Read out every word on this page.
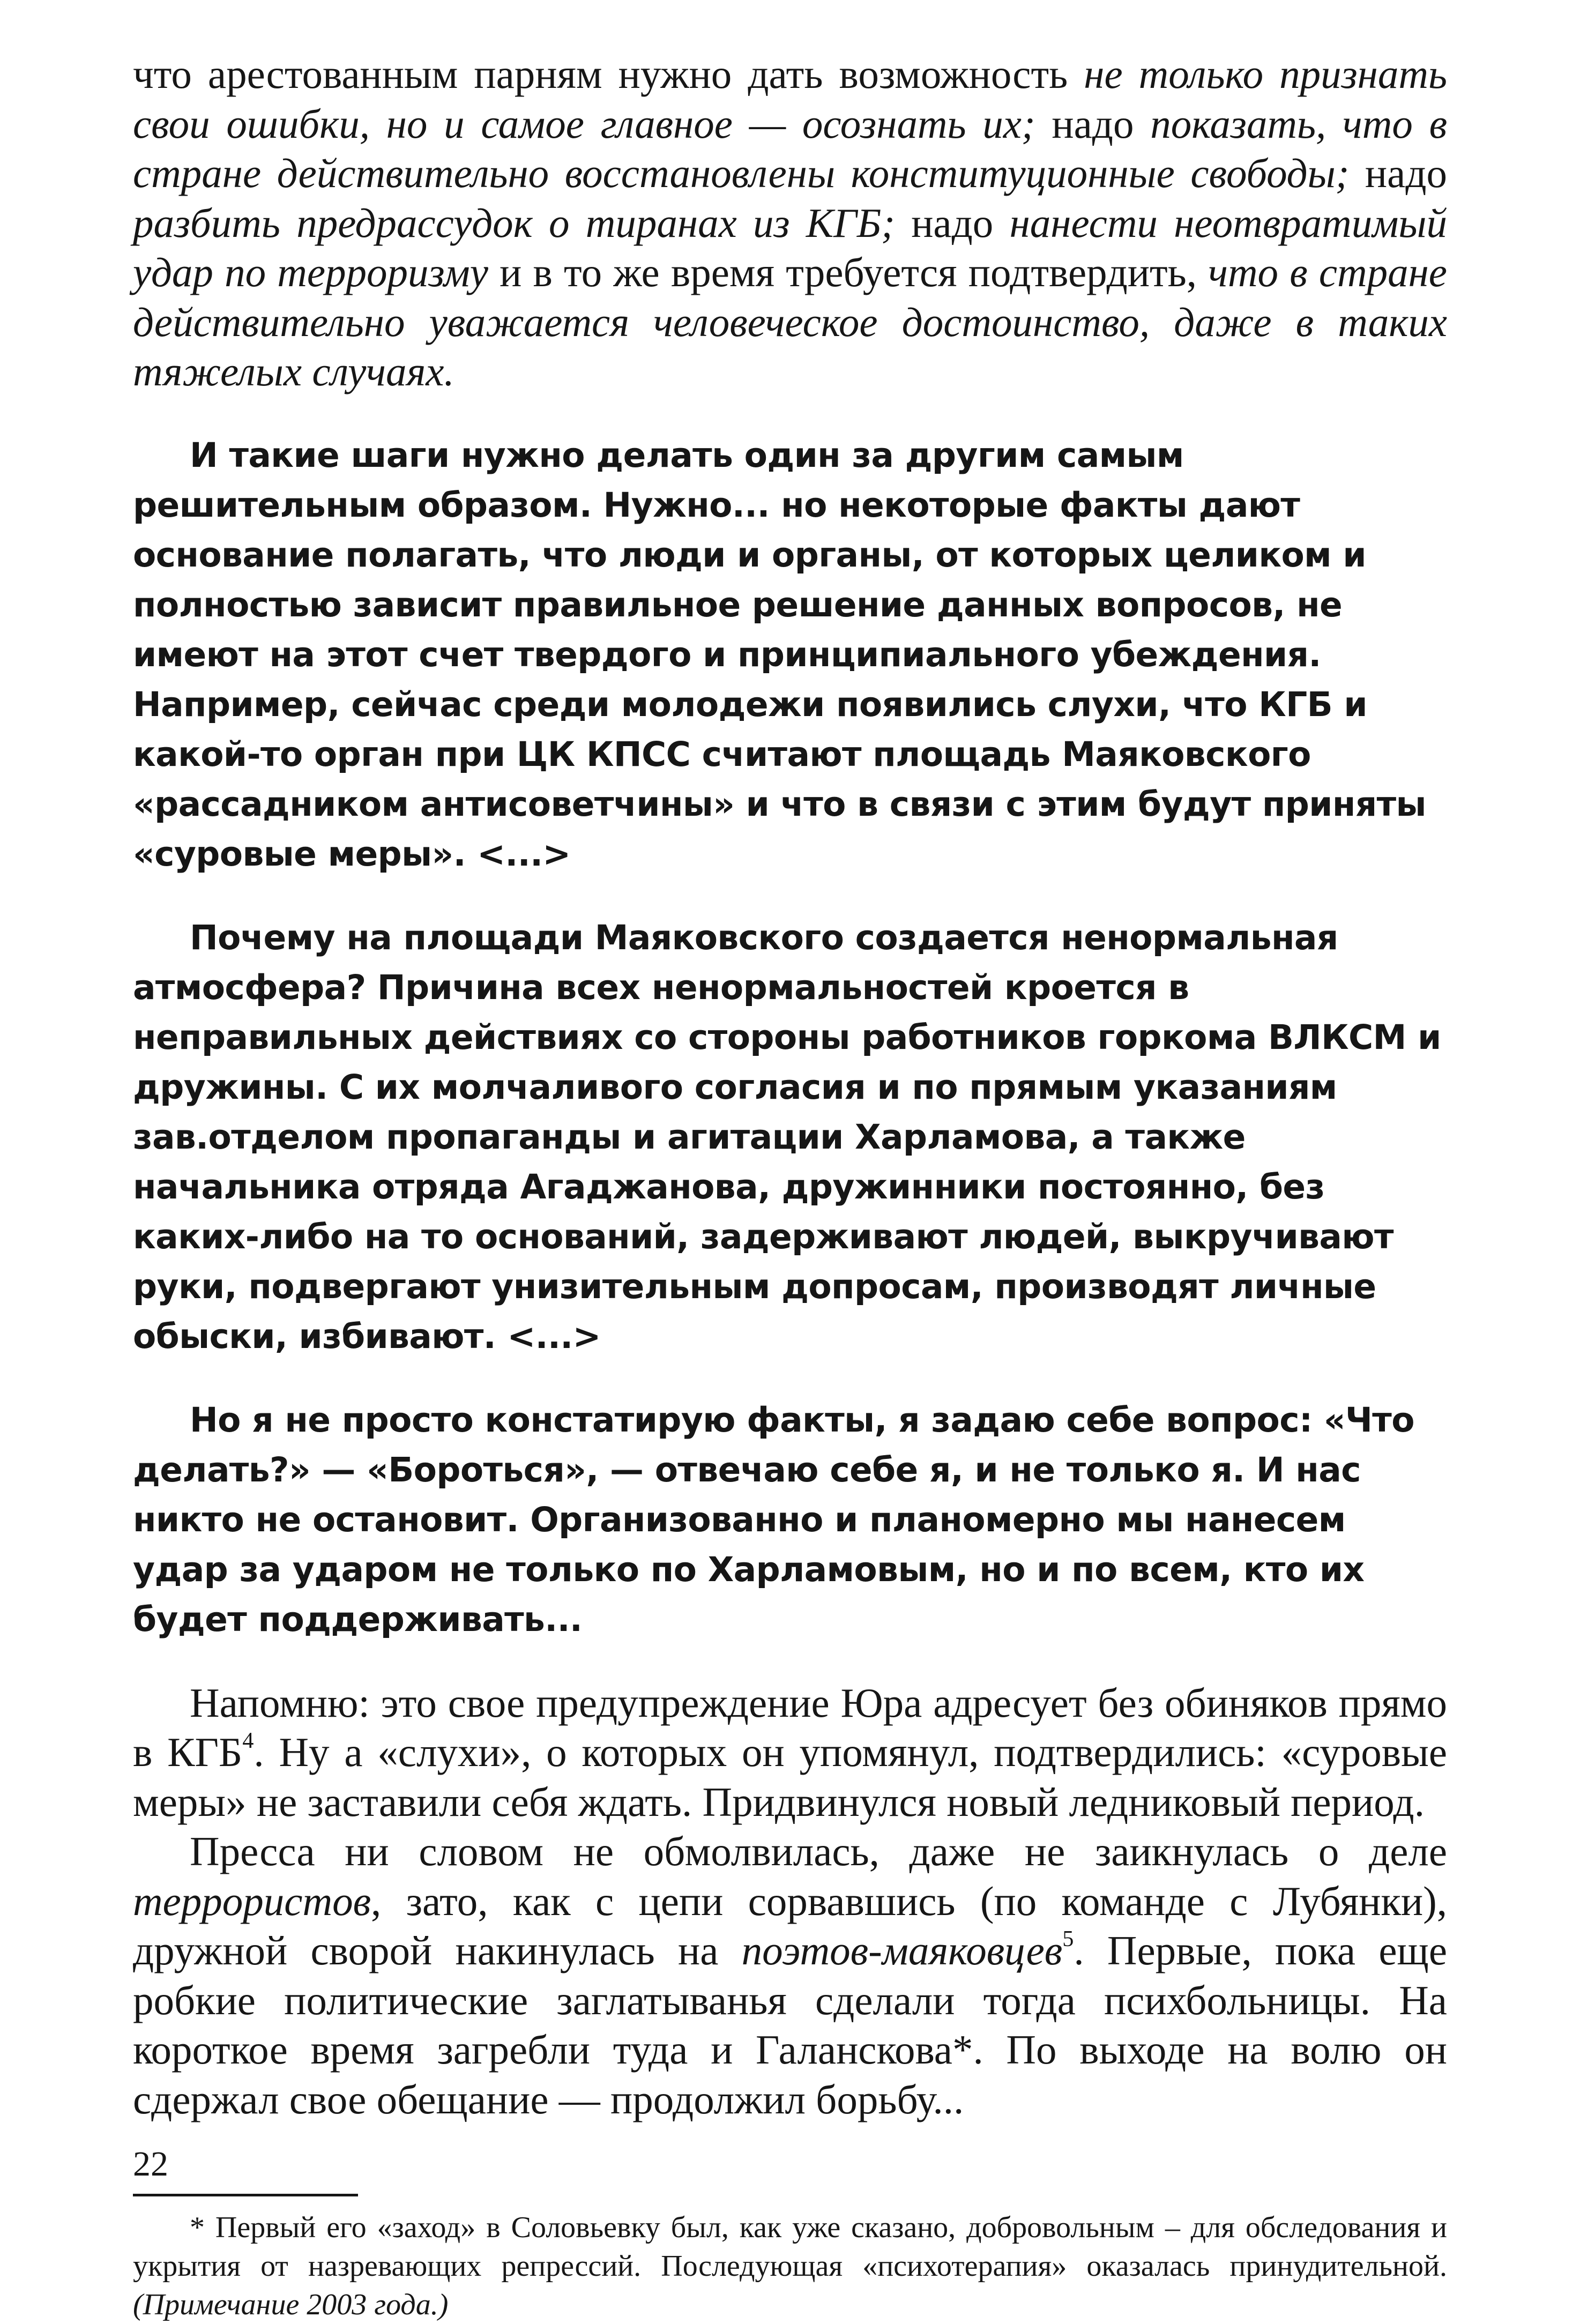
что арестованным парням нужно дать возможность не только признать свои ошибки, но и самое главное — осознать их; надо показать, что в стране действительно восстановлены конституционные свободы; надо разбить предрассудок о тиранах из КГБ; надо нанести неотвратимый удар по терроризму и в то же время требуется подтвердить, что в стране действительно уважается человеческое достоинство, даже в таких тяжелых случаях.

И такие шаги нужно делать один за другим самым решительным образом. Нужно... но некоторые факты дают основание полагать, что люди и органы, от которых целиком и полностью зависит правильное решение данных вопросов, не имеют на этот счет твердого и принципиального убеждения. Например, сейчас среди молодежи появились слухи, что КГБ и какой-то орган при ЦК КПСС считают площадь Маяковского «рассадником антисоветчины» и что в связи с этим будут приняты «суровые меры». <...>

Почему на площади Маяковского создается ненормальная атмосфера? Причина всех ненормальностей кроется в неправильных действиях со стороны работников горкома ВЛКСМ и дружины. С их молчаливого согласия и по прямым указаниям зав.отделом пропаганды и агитации Харламова, а также начальника отряда Агаджанова, дружинники постоянно, без каких-либо на то оснований, задерживают людей, выкручивают руки, подвергают унизительным допросам, производят личные обыски, избивают. <...>

Но я не просто констатирую факты, я задаю себе вопрос: «Что делать?» — «Бороться», — отвечаю себе я, и не только я. И нас никто не остановит. Организованно и планомерно мы нанесем удар за ударом не только по Харламовым, но и по всем, кто их будет поддерживать...

Напомню: это свое предупреждение Юра адресует без обиняков прямо в КГБ$^4$. Ну а «слухи», о которых он упомянул, подтвердились: «суровые меры» не заставили себя ждать. Придвинулся новый ледниковый период.

Пресса ни словом не обмолвилась, даже не заикнулась о деле террористов, зато, как с цепи сорвавшись (по команде с Лубянки), дружной сворой накинулась на поэтов-маяковцев$^5$. Первые, пока еще робкие политические заглатыванья сделали тогда психбольницы. На короткое время загребли туда и Галанскова*. По выходе на волю он сдержал свое обещание — продолжил борьбу...

* Первый его «заход» в Соловьевку был, как уже сказано, добровольным – для обследования и укрытия от назревающих репрессий. Последующая «психотерапия» оказалась принудительной. (Примечание 2003 года.)

22
